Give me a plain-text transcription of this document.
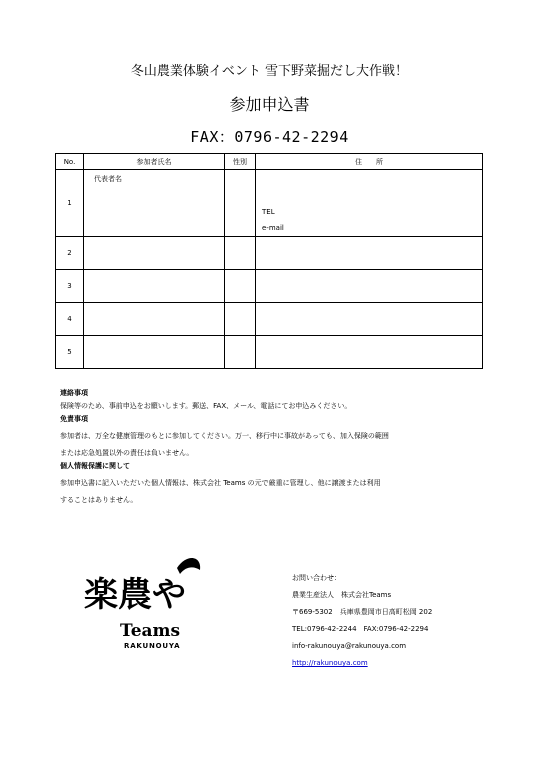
冬山農業体験イベント 雪下野菜掘だし大作戦！
参加申込書
FAX：0796-42-2294
No.	参加者氏名	性別	住　　所
1	代表者名		TEL
e-mail

2			
3			
4			
5			

連絡事項

保険等のため、事前申込をお願いします。郵送、FAX、メール、電話にてお申込みください。

免責事項

参加者は、万全な健康管理のもとに参加してください。万一、移行中に事故があっても、加入保険の範囲

または応急処置以外の責任は負いません。

個人情報保護に関して

参加申込書に記入いただいた個人情報は、株式会社 Teams の元で厳重に管理し、他に譲渡または利用

することはありません。

楽農や
Teams
RAKUNOUYA

お問い合わせ：

農業生産法人　株式会社Teams

〒669-5302　兵庫県豊岡市日高町松岡 202

TEL:0796-42-2244　FAX:0796-42-2294

info-rakunouya@rakunouya.com

http://rakunouya.com
